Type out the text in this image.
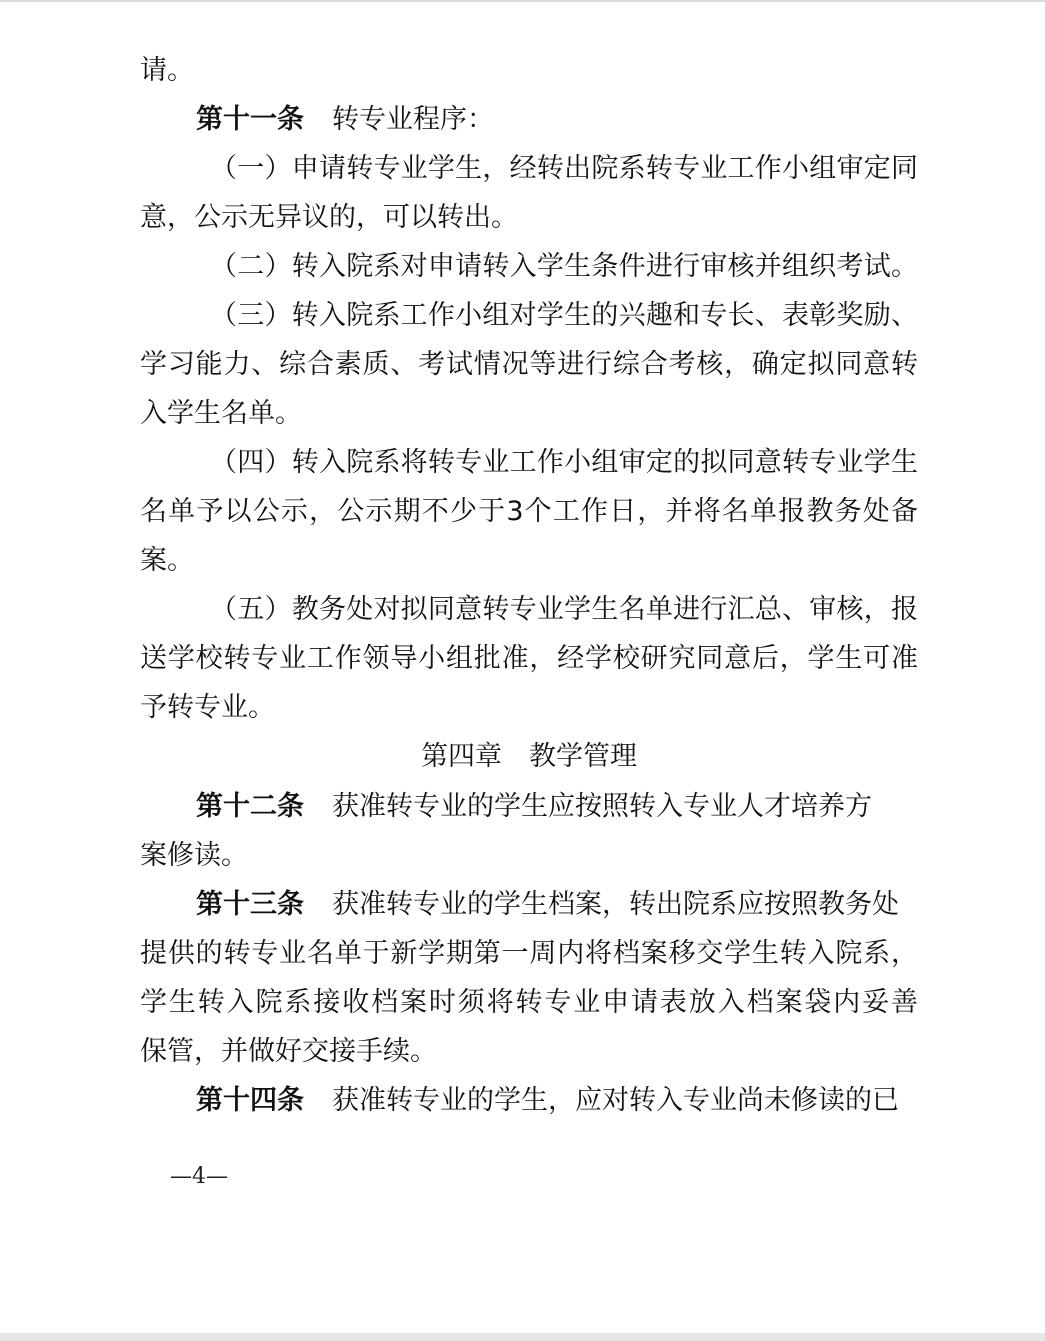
请。
第十一条 转专业程序：
（一）申请转专业学生，经转出院系转专业工作小组审定同
意，公示无异议的，可以转出。
（二）转入院系对申请转入学生条件进行审核并组织考试。
（三）转入院系工作小组对学生的兴趣和专长、表彰奖励、
学习能力、综合素质、考试情况等进行综合考核，确定拟同意转
入学生名单。
（四）转入院系将转专业工作小组审定的拟同意转专业学生
名单予以公示，公示期不少于3个工作日，并将名单报教务处备
案。
（五）教务处对拟同意转专业学生名单进行汇总、审核，报
送学校转专业工作领导小组批准，经学校研究同意后，学生可准
予转专业。
第四章　教学管理
第十二条 获准转专业的学生应按照转入专业人才培养方
案修读。
第十三条 获准转专业的学生档案，转出院系应按照教务处
提供的转专业名单于新学期第一周内将档案移交学生转入院系，
学生转入院系接收档案时须将转专业申请表放入档案袋内妥善
保管，并做好交接手续。
第十四条 获准转专业的学生，应对转入专业尚未修读的已
—4—
